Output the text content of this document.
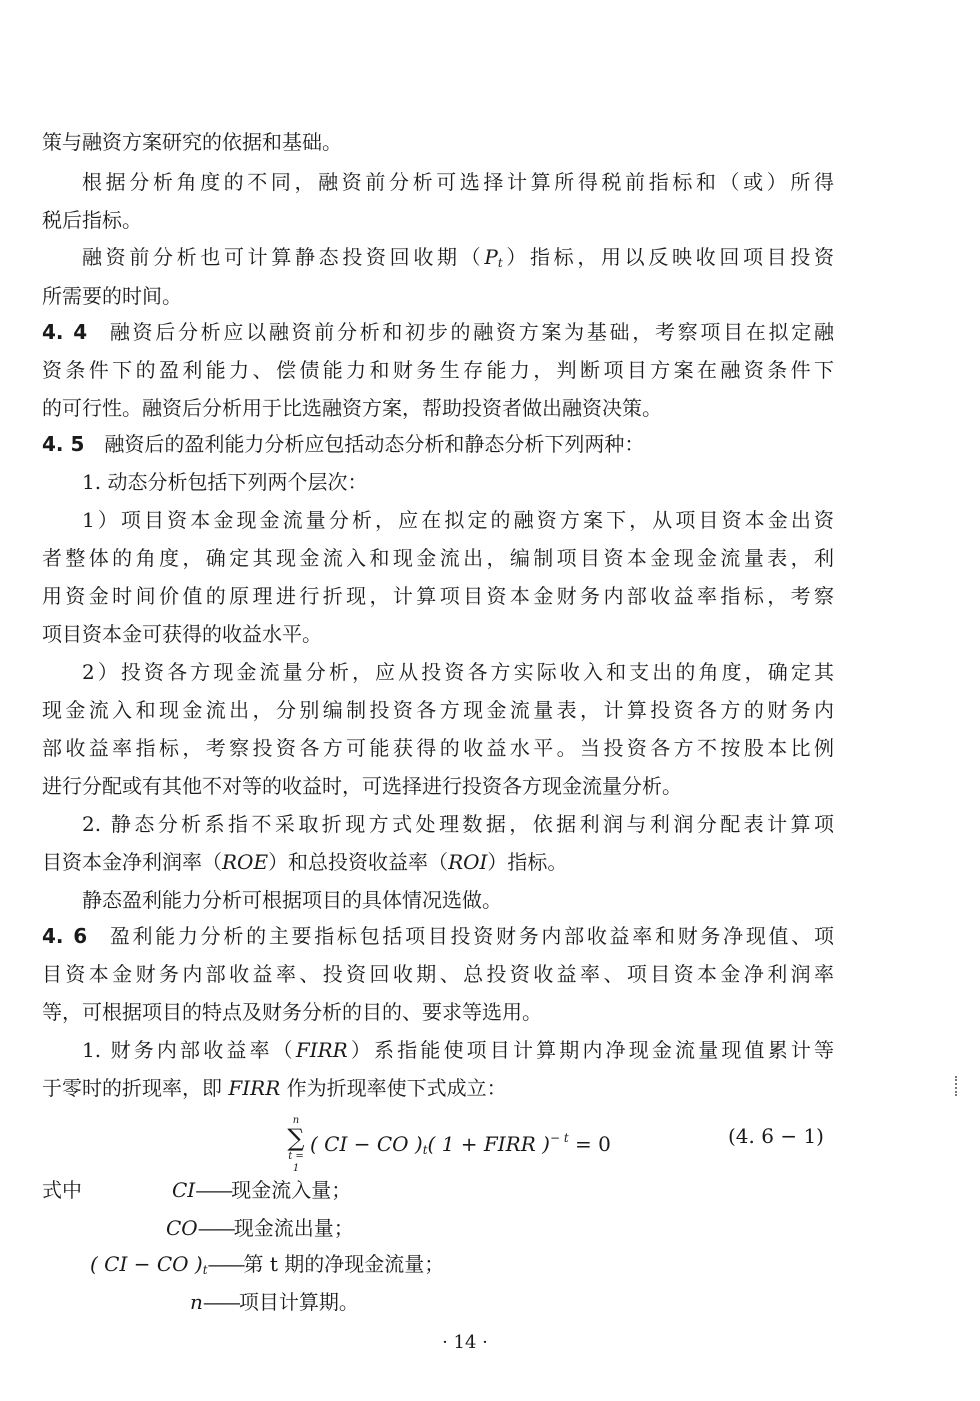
策与融资方案研究的依据和基础。
根据分析角度的不同，融资前分析可选择计算所得税前指标和（或）所得
税后指标。
融资前分析也可计算静态投资回收期$(P_t)$指标，用以反映收回项目投资
所需要的时间。
4. 4 融资后分析应以融资前分析和初步的融资方案为基础，考察项目在拟定融
资条件下的盈利能力、偿债能力和财务生存能力，判断项目方案在融资条件下
的可行性。融资后分析用于比选融资方案，帮助投资者做出融资决策。
4. 5 融资后的盈利能力分析应包括动态分析和静态分析下列两种：
1. 动态分析包括下列两个层次：
1）项目资本金现金流量分析，应在拟定的融资方案下，从项目资本金出资
者整体的角度，确定其现金流入和现金流出，编制项目资本金现金流量表，利
用资金时间价值的原理进行折现，计算项目资本金财务内部收益率指标，考察
项目资本金可获得的收益水平。
2）投资各方现金流量分析，应从投资各方实际收入和支出的角度，确定其
现金流入和现金流出，分别编制投资各方现金流量表，计算投资各方的财务内
部收益率指标，考察投资各方可能获得的收益水平。当投资各方不按股本比例
进行分配或有其他不对等的收益时，可选择进行投资各方现金流量分析。
2. 静态分析系指不采取折现方式处理数据，依据利润与利润分配表计算项
目资本金净利润率（ROE）和总投资收益率（ROI）指标。
静态盈利能力分析可根据项目的具体情况选做。
4. 6 盈利能力分析的主要指标包括项目投资财务内部收益率和财务净现值、项
目资本金财务内部收益率、投资回收期、总投资收益率、项目资本金净利润率
等，可根据项目的特点及财务分析的目的、要求等选用。
1. 财务内部收益率（FIRR）系指能使项目计算期内净现金流量现值累计等
于零时的折现率，即 FIRR 作为折现率使下式成立：
n
∑
t = 1
( CI − CO )$_t$( 1 + FIRR )$^{- t}$ = 0	(4. 6 − 1)
式中	CI——现金流入量；
CO——现金流出量；
( CI − CO )$_t——$第 t 期的净现金流量；
n——项目计算期。
· 14 ·
